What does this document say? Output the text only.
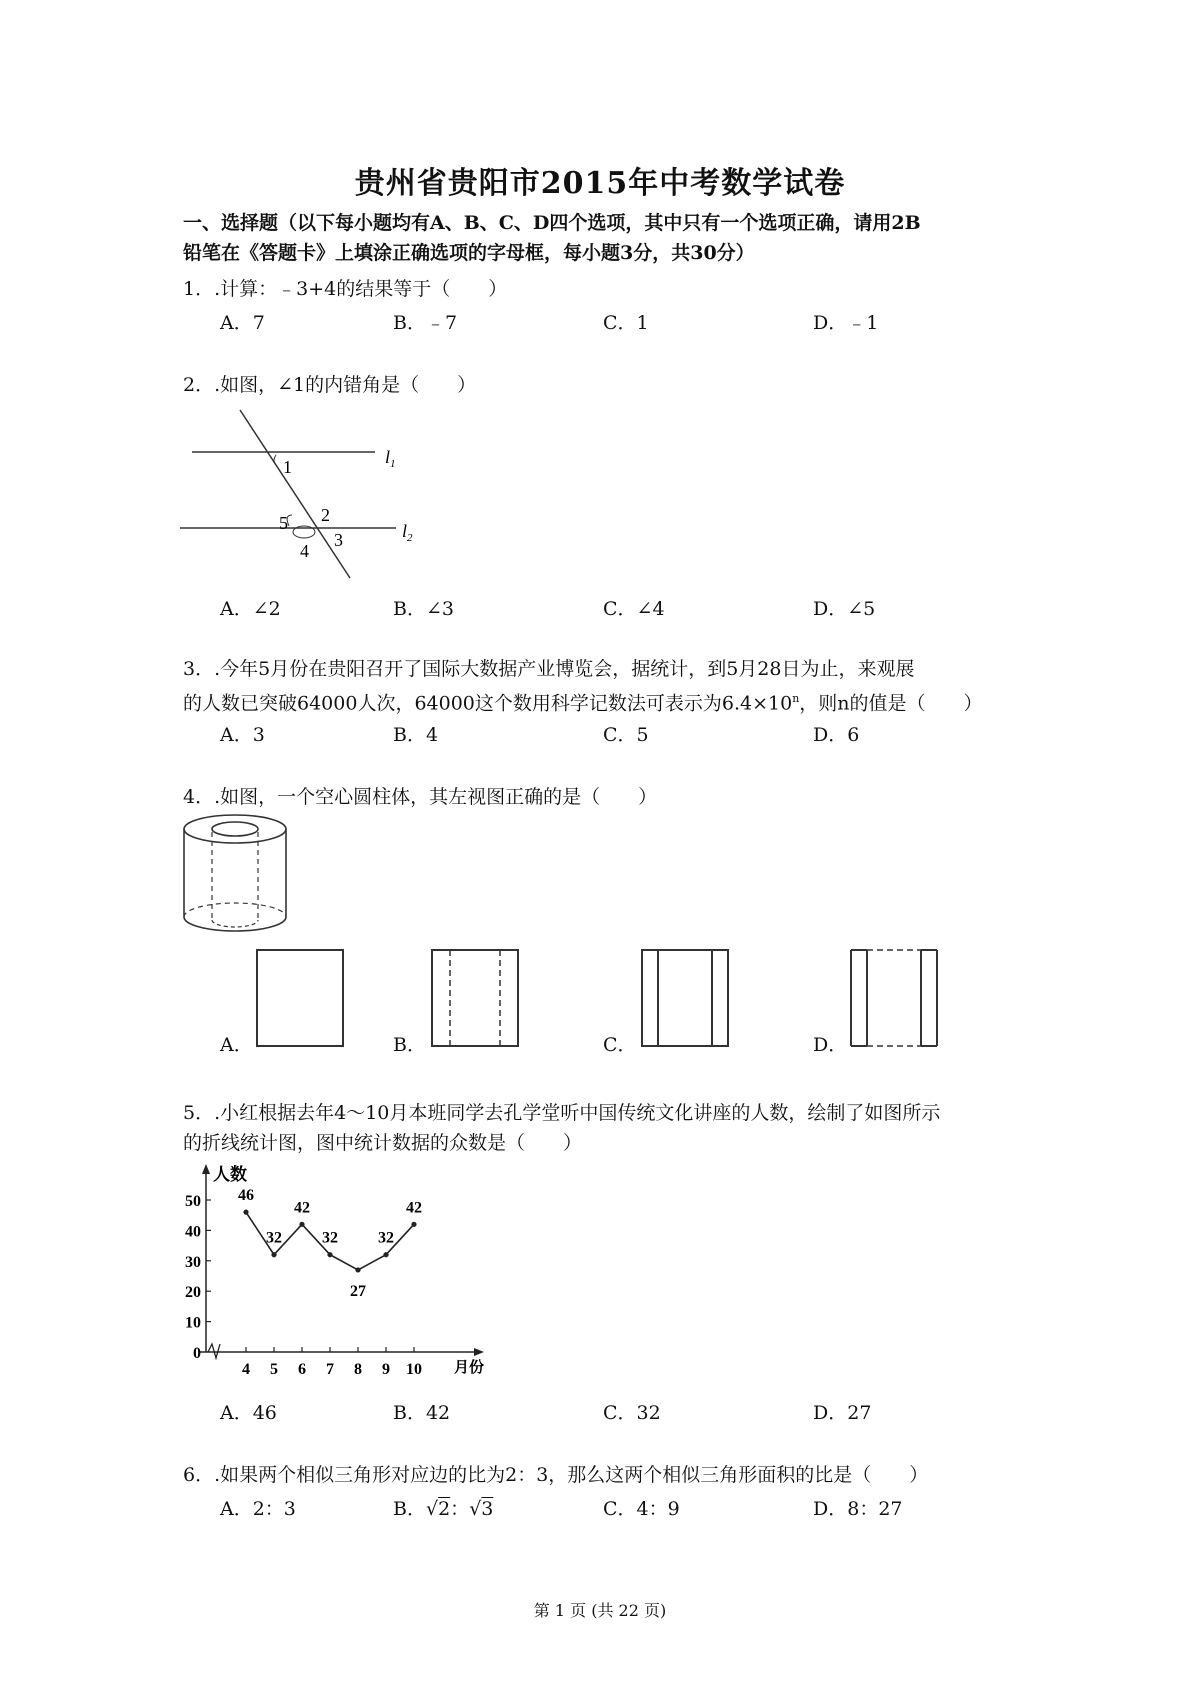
贵州省贵阳市2015年中考数学试卷
一、选择题（以下每小题均有A、B、C、D四个选项，其中只有一个选项正确，请用2B
铅笔在《答题卡》上填涂正确选项的字母框，每小题3分，共30分）
1．.计算：﹣3+4的结果等于（　　）
A．7	B．﹣7	C．1	D．﹣1
2．.如图，∠1的内错角是（　　）
$l_1$
$l_2$
1
2
3
4
5
A．∠2	B．∠3	C．∠4	D．∠5
3．.今年5月份在贵阳召开了国际大数据产业博览会，据统计，到5月28日为止，来观展
的人数已突破64000人次，64000这个数用科学记数法可表示为$6.4\times 10^n$，则n的值是（　　）
A．3	B．4	C．5	D．6
4．.如图，一个空心圆柱体，其左视图正确的是（　　）
A．	B．	C．	D．
5．.小红根据去年4～10月本班同学去孔学堂听中国传统文化讲座的人数，绘制了如图所示
的折线统计图，图中统计数据的众数是（　　）
人数
月份
0
10
20
30
40
50
4 5 6 7 8 9 10
46
32
42
32
27
32
42
A．46	B．42	C．32	D．27
6．.如果两个相似三角形对应边的比为2：3，那么这两个相似三角形面积的比是（　　）
A．2：3	B．√2：√3	C．4：9	D．8：27
第 1 页 (共 22 页)
